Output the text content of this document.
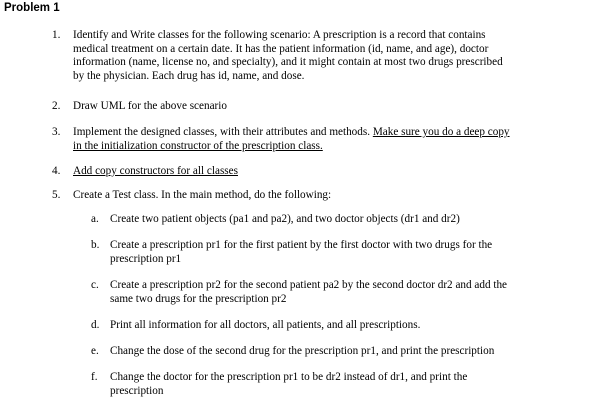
Problem 1
1. Identify and Write classes for the following scenario: A prescription is a record that contains
medical treatment on a certain date. It has the patient information (id, name, and age), doctor
information (name, license no, and specialty), and it might contain at most two drugs prescribed
by the physician. Each drug has id, name, and dose.
2. Draw UML for the above scenario
3. Implement the designed classes, with their attributes and methods. Make sure you do a deep copy
in the initialization constructor of the prescription class.
4. Add copy constructors for all classes
5. Create a Test class. In the main method, do the following:
a. Create two patient objects (pa1 and pa2), and two doctor objects (dr1 and dr2)
b. Create a prescription pr1 for the first patient by the first doctor with two drugs for the
prescription pr1
c. Create a prescription pr2 for the second patient pa2 by the second doctor dr2 and add the
same two drugs for the prescription pr2
d. Print all information for all doctors, all patients, and all prescriptions.
e. Change the dose of the second drug for the prescription pr1, and print the prescription
f. Change the doctor for the prescription pr1 to be dr2 instead of dr1, and print the
prescription
